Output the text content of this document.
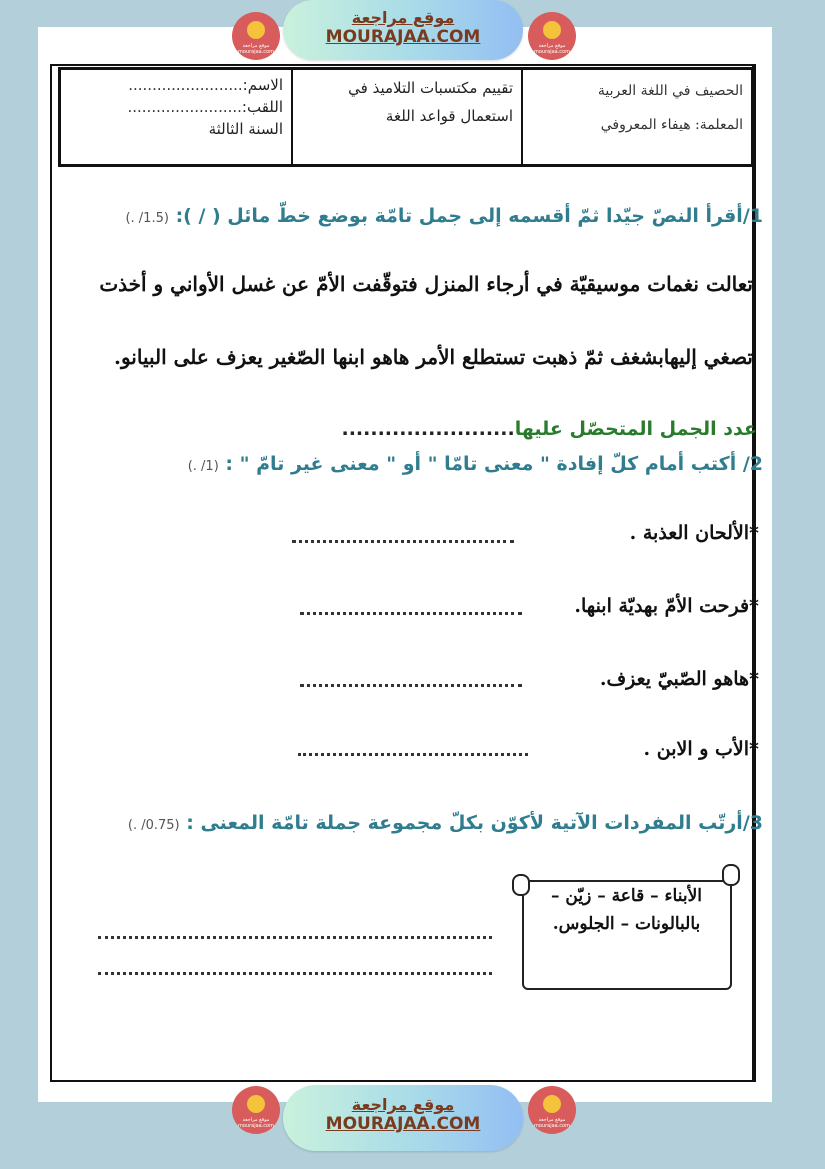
موقع مراجعة mourajaa.com
موقع مراجعة
MOURAJAA.COM	موقع مراجعة mourajaa.com
الاسم:........................
اللقب:........................
السنة الثالثة
تقييم مكتسبات التلاميذ في
استعمال قواعد اللغة
الحصيف في اللغة العربية
المعلمة: هيفاء المعروفي
1/أقرأ النصّ جيّدا ثمّ أقسمه إلى جمل تامّة بوضع خطّ مائل ( / ): (1.5/ .)
تعالت نغمات موسيقيّة في أرجاء المنزل فتوقّفت الأمّ عن غسل الأواني و أخذت
تصغي إليهابشغف ثمّ ذهبت تستطلع الأمر هاهو ابنها الصّغير يعزف على البيانو.
عدد الجمل المتحصّل عليها........................
2/ أكتب أمام كلّ إفادة " معنى تامّا " أو " معنى غير تامّ " : (1/ .)
*الألحان العذبة .
*فرحت الأمّ بهديّة ابنها.
*هاهو الصّبيّ يعزف.
*الأب و الابن .
3/أرتّب المفردات الآتية لأكوّن بكلّ مجموعة جملة تامّة المعنى : (0.75/ .)
الأبناء – قاعة – زيّن – بالبالونات – الجلوس.
موقع مراجعة mourajaa.com
موقع مراجعة
MOURAJAA.COM	موقع مراجعة mourajaa.com
